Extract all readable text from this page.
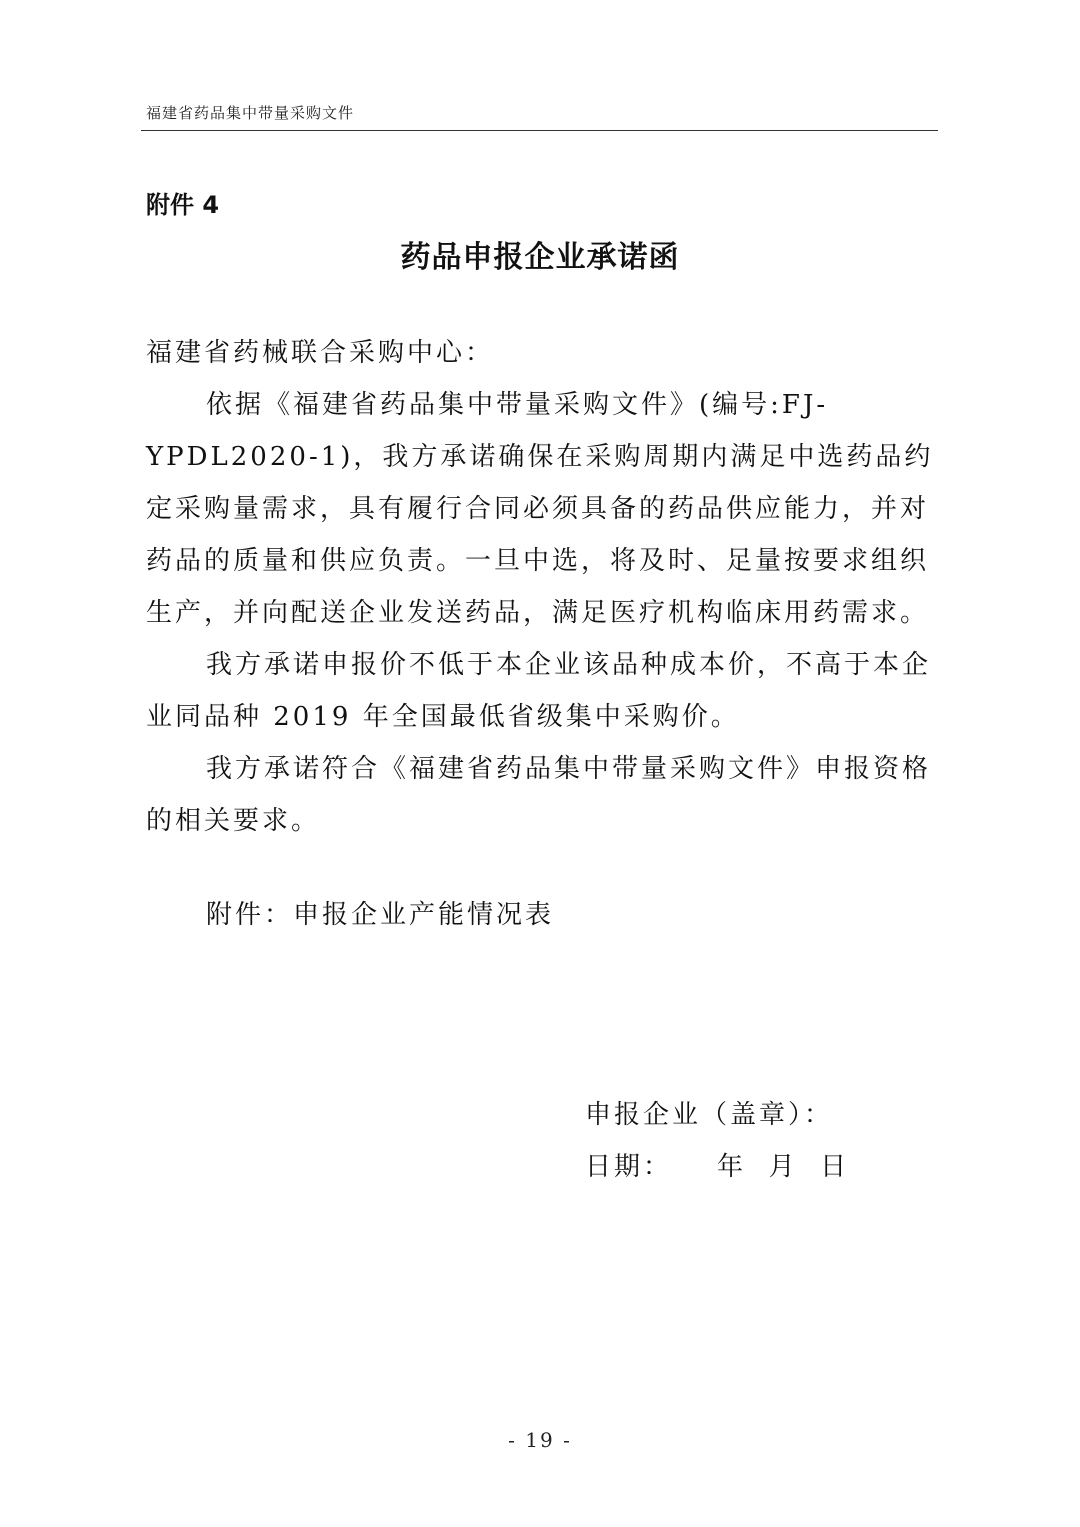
福建省药品集中带量采购文件
附件 4
药品申报企业承诺函
福建省药械联合采购中心：

依据《福建省药品集中带量采购文件》(编号:FJ-YPDL2020-1)，我方承诺确保在采购周期内满足中选药品约定采购量需求，具有履行合同必须具备的药品供应能力，并对药品的质量和供应负责。一旦中选，将及时、足量按要求组织生产，并向配送企业发送药品，满足医疗机构临床用药需求。

我方承诺申报价不低于本企业该品种成本价，不高于本企业同品种 2019 年全国最低省级集中采购价。

我方承诺符合《福建省药品集中带量采购文件》申报资格的相关要求。

附件：申报企业产能情况表
申报企业（盖章）：
日期：    年  月  日
- 19 -
